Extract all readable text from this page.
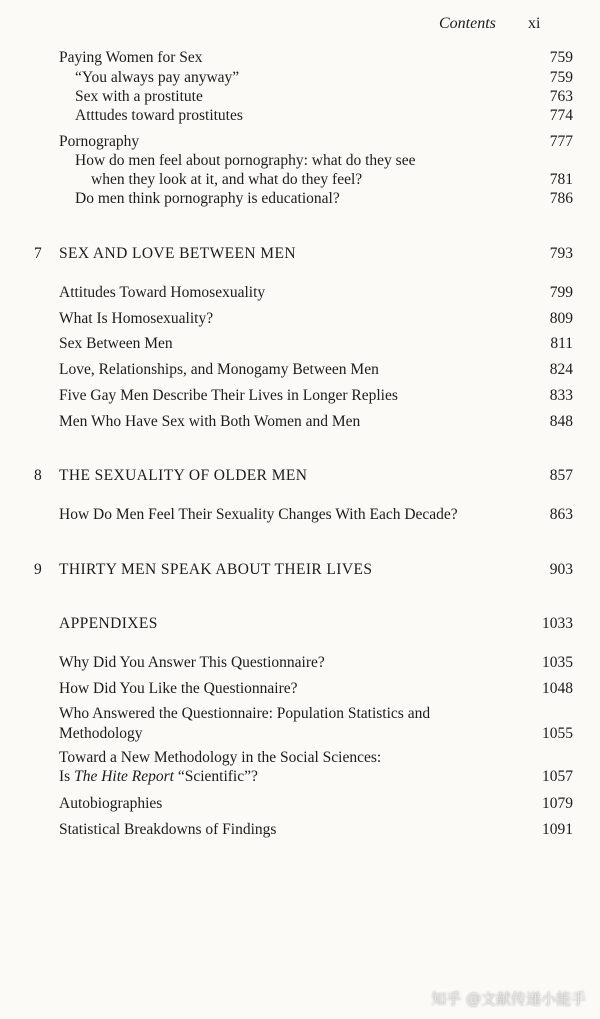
Contents xi
Paying Women for Sex	759
“You always pay anyway”	759
Sex with a prostitute	763
Atttudes toward prostitutes	774
Pornography	777
How do men feel about pornography: what do they see
when they look at it, and what do they feel?	781
Do men think pornography is educational?	786
7 SEX AND LOVE BETWEEN MEN	793
Attitudes Toward Homosexuality	799
What Is Homosexuality?	809
Sex Between Men	811
Love, Relationships, and Monogamy Between Men	824
Five Gay Men Describe Their Lives in Longer Replies	833
Men Who Have Sex with Both Women and Men	848
8 THE SEXUALITY OF OLDER MEN	857
How Do Men Feel Their Sexuality Changes With Each Decade?	863
9 THIRTY MEN SPEAK ABOUT THEIR LIVES	903
APPENDIXES	1033
Why Did You Answer This Questionnaire?	1035
How Did You Like the Questionnaire?	1048
Who Answered the Questionnaire: Population Statistics and
Methodology	1055
Toward a New Methodology in the Social Sciences:
Is The Hite Report “Scientific”?	1057
Autobiographies	1079
Statistical Breakdowns of Findings	1091
知乎 @文献传递小能手
